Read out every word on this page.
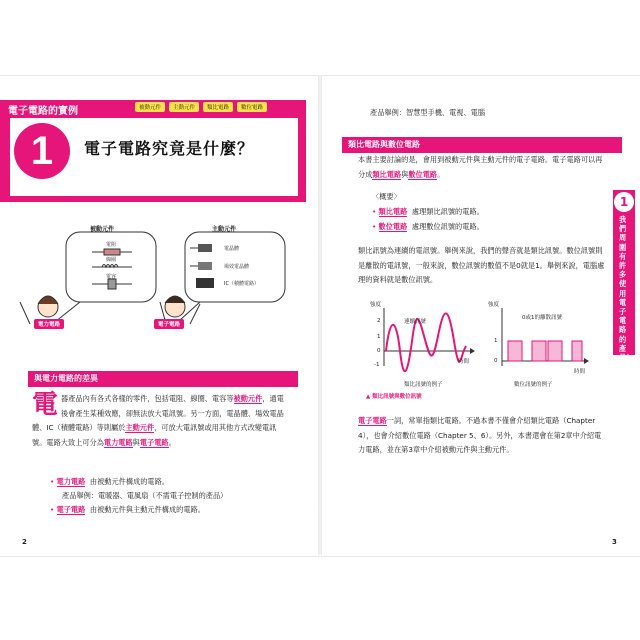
電子電路的實例	被動元件	主動元件	類比電路	數位電路
1	電子電路究竟是什麼？
被動元件	主動元件
電阻
線圈
電容
電晶體
場效電晶體
IC（積體電路）
電力電路	電子電路
與電力電路的差異
電器產品內有各式各樣的零件，包括電阻、線圈、電容等被動元件，通電後會產生某種效應，卻無法放大電訊號。另一方面，電晶體、場效電晶體、IC（積體電路）等則屬於主動元件，可放大電訊號或用其他方式改變電訊號。電路大致上可分為電力電路與電子電路。
• 電力電路 由被動元件構成的電路。
產品舉例：電暖器、電風扇（不需電子控制的產品）
• 電子電路 由被動元件與主動元件構成的電路。
2
產品舉例：智慧型手機、電視、電腦
類比電路與數位電路
本書主要討論的是，會用到被動元件與主動元件的電子電路。電子電路可以再分成類比電路與數位電路。
〈概要〉
• 類比電路 處理類比訊號的電路。
• 數位電路 處理數位訊號的電路。
類比訊號為連續的電訊號。舉例來說，我們的聲音就是類比訊號。數位訊號則是離散的電訊號，一般來說，數位訊號的數值不是0就是1。舉例來說，電腦處理的資料就是數位訊號。
強度
2
1
0
-1
連續訊號
時間
類比訊號的例子
強度
1
0
0或1的離散訊號
時間
數位訊號的例子
▲ 類比訊號與數位訊號
電子電路一詞，常單指類比電路。不過本書不僅會介紹類比電路（Chapter 4），也會介紹數位電路（Chapter 5、6）。另外，本書還會在第2章中介紹電力電路，並在第3章中介紹被動元件與主動元件。
3
1
我們周圍有許多使用電子電路的產品！
